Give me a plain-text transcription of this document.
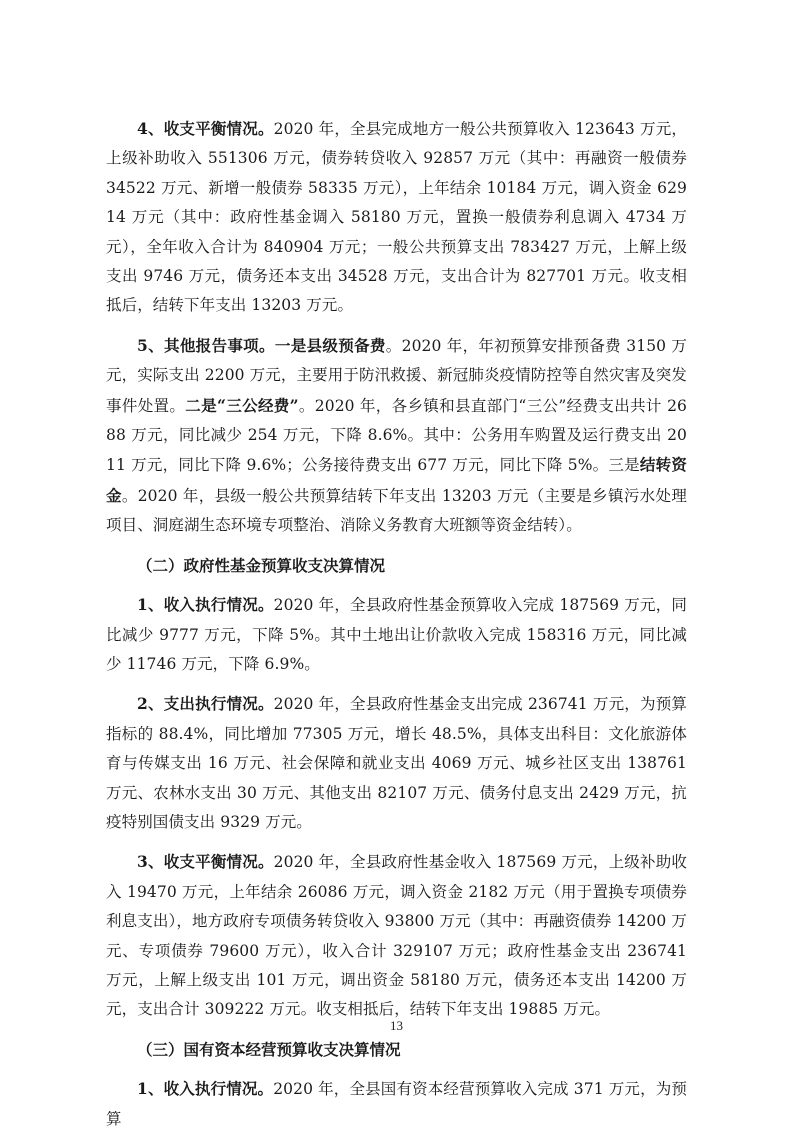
4、收支平衡情况。2020 年，全县完成地方一般公共预算收入 123643 万元，上级补助收入 551306 万元，债券转贷收入 92857 万元（其中：再融资一般债券 34522 万元、新增一般债券 58335 万元），上年结余 10184 万元，调入资金 62914 万元（其中：政府性基金调入 58180 万元，置换一般债券利息调入 4734 万元），全年收入合计为 840904 万元；一般公共预算支出 783427 万元，上解上级支出 9746 万元，债务还本支出 34528 万元，支出合计为 827701 万元。收支相抵后，结转下年支出 13203 万元。

5、其他报告事项。一是县级预备费。2020 年，年初预算安排预备费 3150 万元，实际支出 2200 万元，主要用于防汛救援、新冠肺炎疫情防控等自然灾害及突发事件处置。二是“三公经费”。2020 年，各乡镇和县直部门“三公”经费支出共计 2688 万元，同比减少 254 万元，下降 8.6%。其中：公务用车购置及运行费支出 2011 万元，同比下降 9.6%；公务接待费支出 677 万元，同比下降 5%。三是结转资金。2020 年，县级一般公共预算结转下年支出 13203 万元（主要是乡镇污水处理项目、洞庭湖生态环境专项整治、消除义务教育大班额等资金结转）。

（二）政府性基金预算收支决算情况

1、收入执行情况。2020 年，全县政府性基金预算收入完成 187569 万元，同比减少 9777 万元，下降 5%。其中土地出让价款收入完成 158316 万元，同比减少 11746 万元，下降 6.9%。

2、支出执行情况。2020 年，全县政府性基金支出完成 236741 万元，为预算指标的 88.4%，同比增加 77305 万元，增长 48.5%，具体支出科目：文化旅游体育与传媒支出 16 万元、社会保障和就业支出 4069 万元、城乡社区支出 138761 万元、农林水支出 30 万元、其他支出 82107 万元、债务付息支出 2429 万元，抗疫特别国债支出 9329 万元。

3、收支平衡情况。2020 年，全县政府性基金收入 187569 万元，上级补助收入 19470 万元，上年结余 26086 万元，调入资金 2182 万元（用于置换专项债券利息支出），地方政府专项债务转贷收入 93800 万元（其中：再融资债券 14200 万元、专项债券 79600 万元），收入合计 329107 万元；政府性基金支出 236741 万元，上解上级支出 101 万元，调出资金 58180 万元，债务还本支出 14200 万元，支出合计 309222 万元。收支相抵后，结转下年支出 19885 万元。

（三）国有资本经营预算收支决算情况

1、收入执行情况。2020 年，全县国有资本经营预算收入完成 371 万元，为预算

13
